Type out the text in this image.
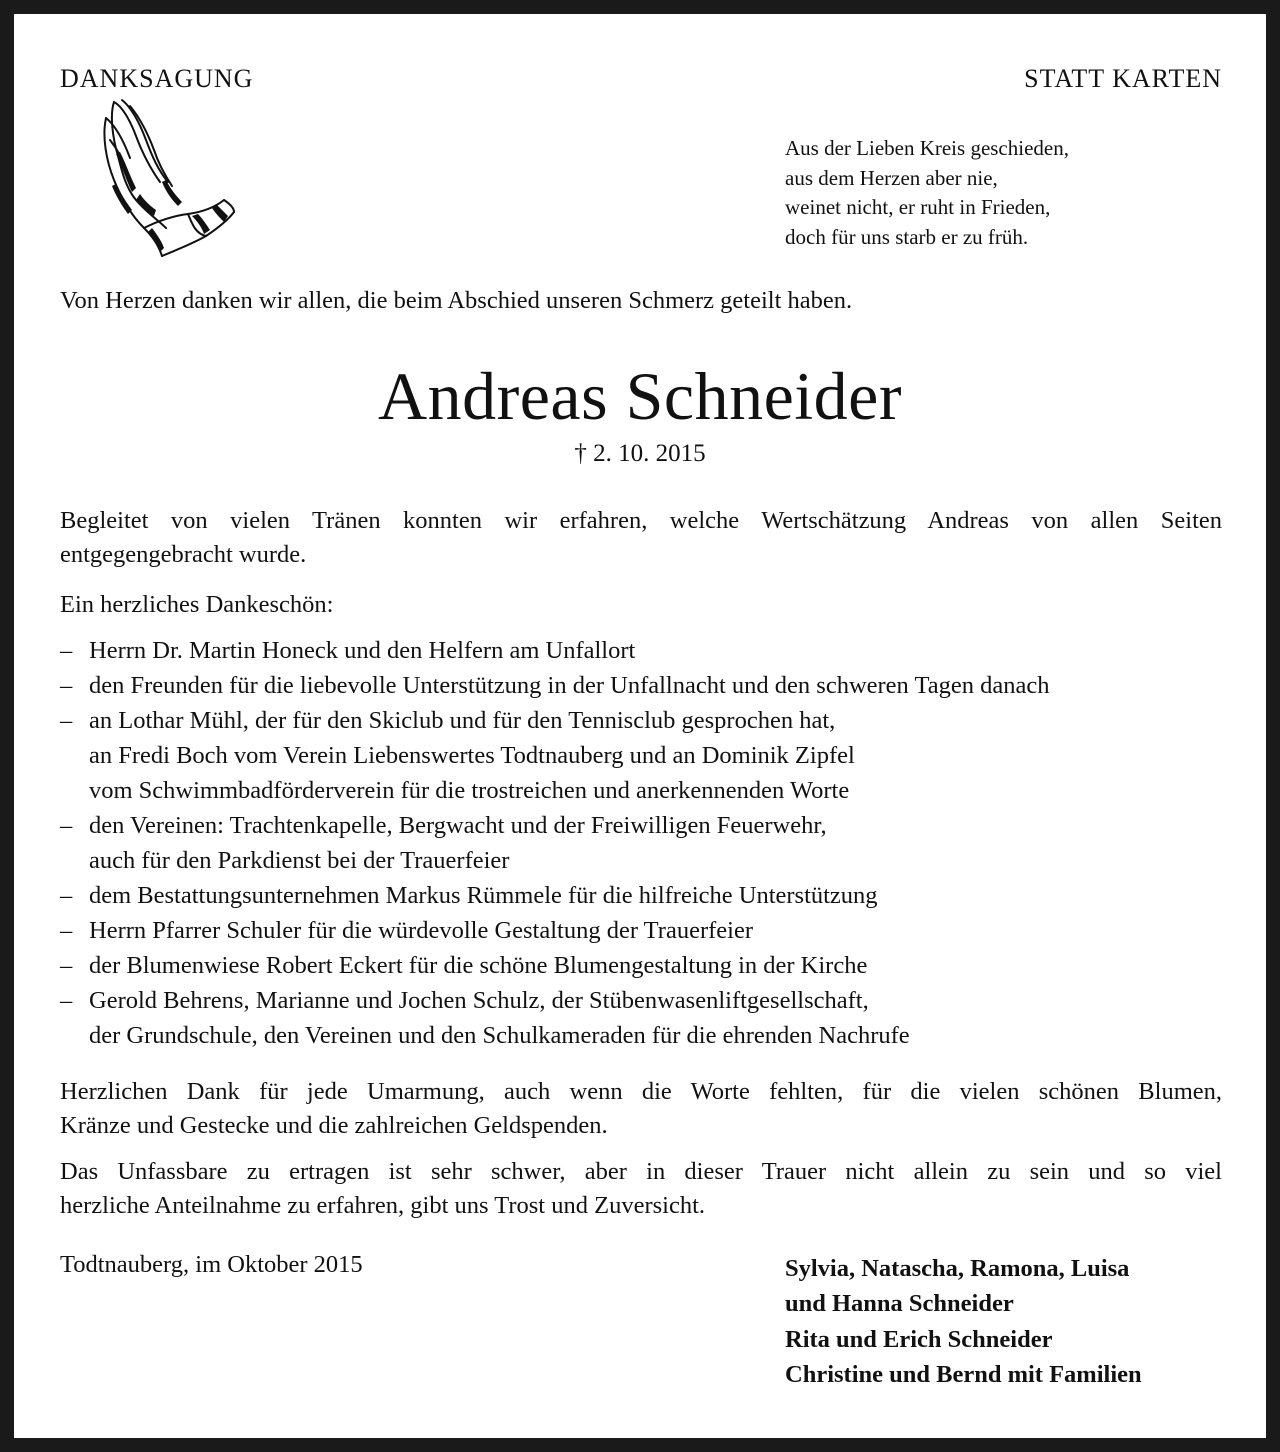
DANKSAGUNG	STATT KARTEN
Aus der Lieben Kreis geschieden,
aus dem Herzen aber nie,
weinet nicht, er ruht in Frieden,
doch für uns starb er zu früh.
Von Herzen danken wir allen, die beim Abschied unseren Schmerz geteilt haben.
Andreas Schneider
† 2. 10. 2015
Begleitet von vielen Tränen konnten wir erfahren, welche Wertschätzung Andreas von allen Seiten
entgegengebracht wurde.
Ein herzliches Dankeschön:
– Herrn Dr. Martin Honeck und den Helfern am Unfallort
– den Freunden für die liebevolle Unterstützung in der Unfallnacht und den schweren Tagen danach
– an Lothar Mühl, der für den Skiclub und für den Tennisclub gesprochen hat,
an Fredi Boch vom Verein Liebenswertes Todtnauberg und an Dominik Zipfel
vom Schwimmbadförderverein für die trostreichen und anerkennenden Worte
– den Vereinen: Trachtenkapelle, Bergwacht und der Freiwilligen Feuerwehr,
auch für den Parkdienst bei der Trauerfeier
– dem Bestattungsunternehmen Markus Rümmele für die hilfreiche Unterstützung
– Herrn Pfarrer Schuler für die würdevolle Gestaltung der Trauerfeier
– der Blumenwiese Robert Eckert für die schöne Blumengestaltung in der Kirche
– Gerold Behrens, Marianne und Jochen Schulz, der Stübenwasenliftgesellschaft,
der Grundschule, den Vereinen und den Schulkameraden für die ehrenden Nachrufe
Herzlichen Dank für jede Umarmung, auch wenn die Worte fehlten, für die vielen schönen Blumen,
Kränze und Gestecke und die zahlreichen Geldspenden.
Das Unfassbare zu ertragen ist sehr schwer, aber in dieser Trauer nicht allein zu sein und so viel
herzliche Anteilnahme zu erfahren, gibt uns Trost und Zuversicht.
Todtnauberg, im Oktober 2015	Sylvia, Natascha, Ramona, Luisa
und Hanna Schneider
Rita und Erich Schneider
Christine und Bernd mit Familien
